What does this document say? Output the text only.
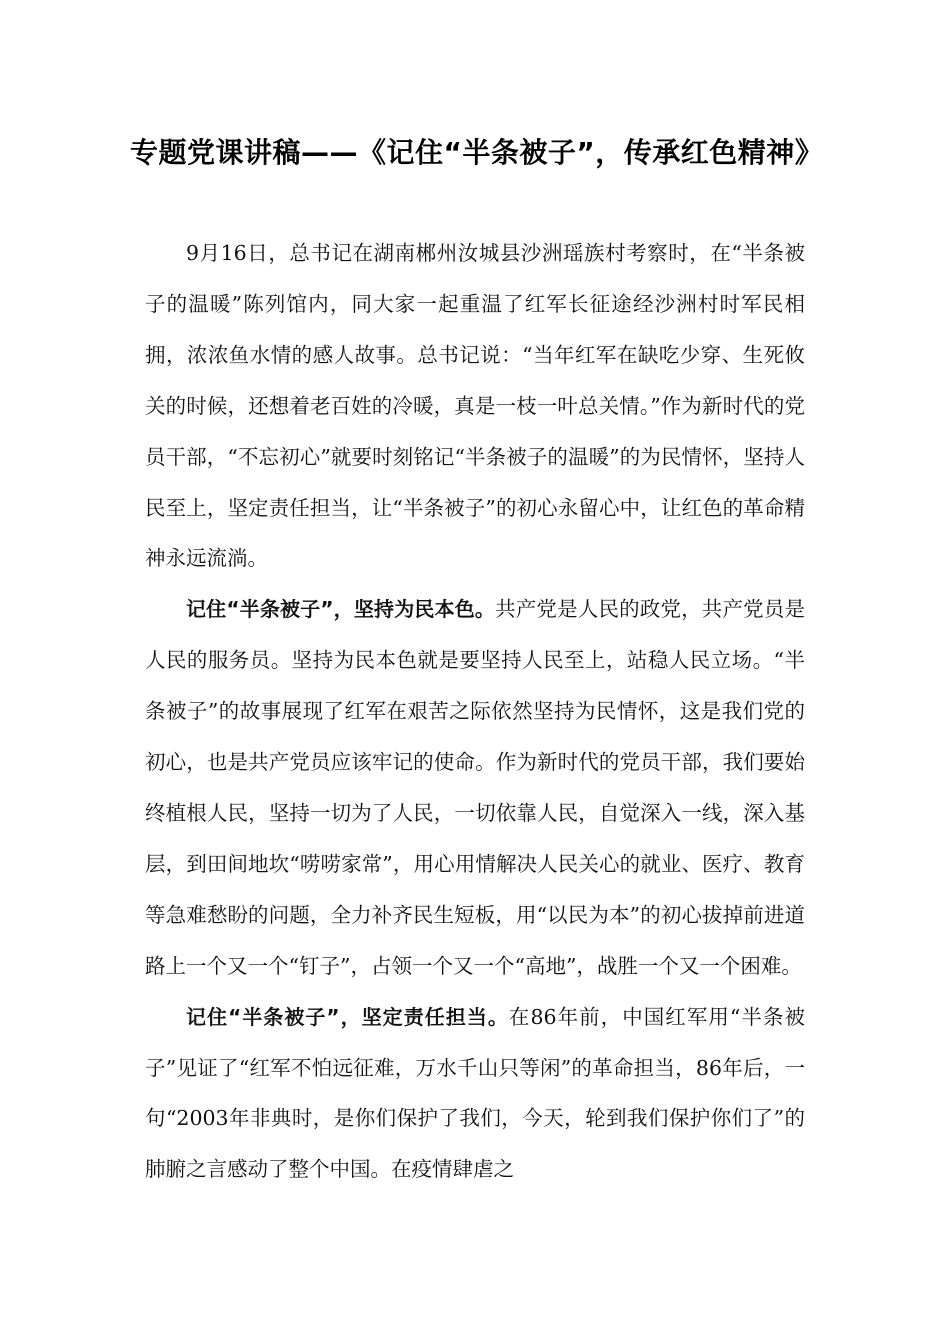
专题党课讲稿——《记住“半条被子”，传承红色精神》

9月16日，总书记在湖南郴州汝城县沙洲瑶族村考察时，在“半条被子的温暖”陈列馆内，同大家一起重温了红军长征途经沙洲村时军民相拥，浓浓鱼水情的感人故事。总书记说：“当年红军在缺吃少穿、生死攸关的时候，还想着老百姓的冷暖，真是一枝一叶总关情。”作为新时代的党员干部，“不忘初心”就要时刻铭记“半条被子的温暖”的为民情怀，坚持人民至上，坚定责任担当，让“半条被子”的初心永留心中，让红色的革命精神永远流淌。

记住“半条被子”，坚持为民本色。共产党是人民的政党，共产党员是人民的服务员。坚持为民本色就是要坚持人民至上，站稳人民立场。“半条被子”的故事展现了红军在艰苦之际依然坚持为民情怀，这是我们党的初心，也是共产党员应该牢记的使命。作为新时代的党员干部，我们要始终植根人民，坚持一切为了人民，一切依靠人民，自觉深入一线，深入基层，到田间地坎“唠唠家常”，用心用情解决人民关心的就业、医疗、教育等急难愁盼的问题，全力补齐民生短板，用“以民为本”的初心拔掉前进道路上一个又一个“钉子”，占领一个又一个“高地”，战胜一个又一个困难。

记住“半条被子”，坚定责任担当。在86年前，中国红军用“半条被子”见证了“红军不怕远征难，万水千山只等闲”的革命担当，86年后，一句“2003年非典时，是你们保护了我们，今天，轮到我们保护你们了”的肺腑之言感动了整个中国。在疫情肆虐之
